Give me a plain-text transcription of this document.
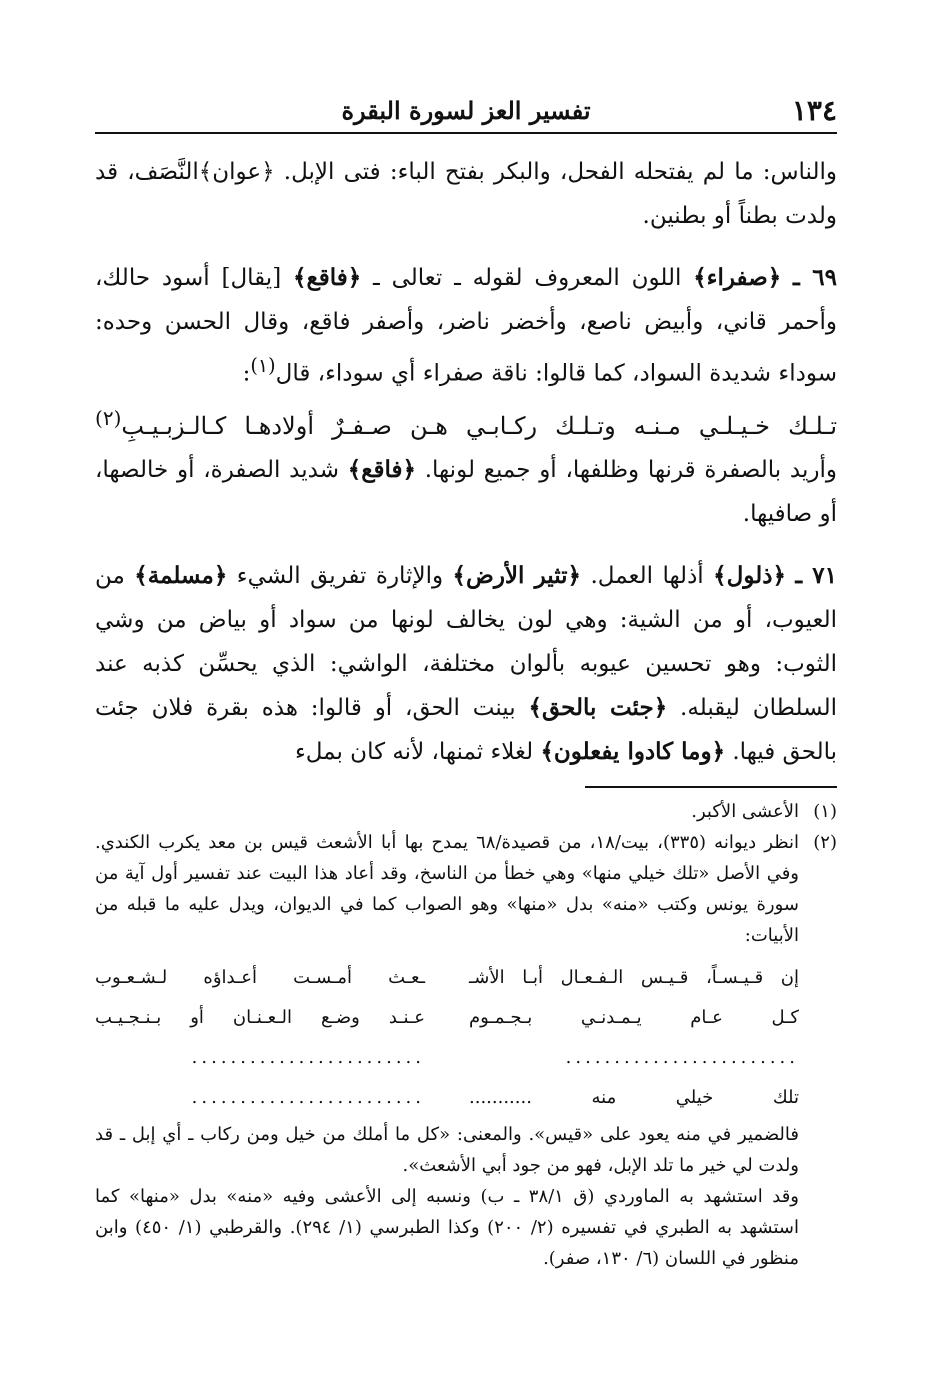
١٣٤
تفسير العز لسورة البقرة

والناس: ما لم يفتحله الفحل، والبكر بفتح الباء: فتى الإبل. ﴿عوان﴾النَّصَف، قد ولدت بطناً أو بطنين.

٦٩ ـ ﴿صفراء﴾ اللون المعروف لقوله ـ تعالى ـ ﴿فاقع﴾ [يقال] أسود حالك، وأحمر قاني، وأبيض ناصع، وأخضر ناضر، وأصفر فاقع، وقال الحسن وحده: سوداء شديدة السواد، كما قالوا: ناقة صفراء أي سوداء، قال$^{(١)}$:

تـلـك خـيـلـي مـنـه وتـلـك ركـابـي هـن صـفـرٌ أولادهـا كـالـزبـيـبِ$^{(٢)}$

وأريد بالصفرة قرنها وظلفها، أو جميع لونها. ﴿فاقع﴾ شديد الصفرة، أو خالصها، أو صافيها.

٧١ ـ ﴿ذلول﴾ أذلها العمل. ﴿تثير الأرض﴾ والإثارة تفريق الشيء ﴿مسلمة﴾ من العيوب، أو من الشية: وهي لون يخالف لونها من سواد أو بياض من وشي الثوب: وهو تحسين عيوبه بألوان مختلفة، الواشي: الذي يحسِّن كذبه عند السلطان ليقبله. ﴿جئت بالحق﴾ بينت الحق، أو قالوا: هذه بقرة فلان جئت بالحق فيها. ﴿وما كادوا يفعلون﴾ لغلاء ثمنها، لأنه كان بملء

(١)
الأعشى الأكبر.
(٢)

انظر ديوانه (٣٣٥)، بيت/١٨، من قصيدة/٦٨ يمدح بها أبا الأشعث قيس بن معد يكرب الكندي. وفي الأصل «تلك خيلي منها» وهي خطأ من الناسخ، وقد أعاد هذا البيت عند تفسير أول آية من سورة يونس وكتب «منه» بدل «منها» وهو الصواب كما في الديوان، ويدل عليه ما قبله من الأبيات:

إن قـيـسـاً، قـيـس الـفـعـال أبـا الأشـ
ـعـث أمـسـت أعـداؤه لـشـعـوب
كـل عـام يـمـدنـي بـجـمـوم
عـنـد وضـع الـعـنـان أو بـنـجـيـب
........................
........................
تلك خيلي منه ...........
........................

فالضمير في منه يعود على «قيس». والمعنى: «كل ما أملك من خيل ومن ركاب ـ أي إبل ـ قد ولدت لي خير ما تلد الإبل، فهو من جود أبي الأشعث».

وقد استشهد به الماوردي (ق ٣٨/١ ـ ب) ونسبه إلى الأعشى وفيه «منه» بدل «منها» كما استشهد به الطبري في تفسيره (٢/ ٢٠٠) وكذا الطبرسي (١/ ٢٩٤). والقرطبي (١/ ٤٥٠) وابن منظور في اللسان (٦/ ١٣٠، صفر).
